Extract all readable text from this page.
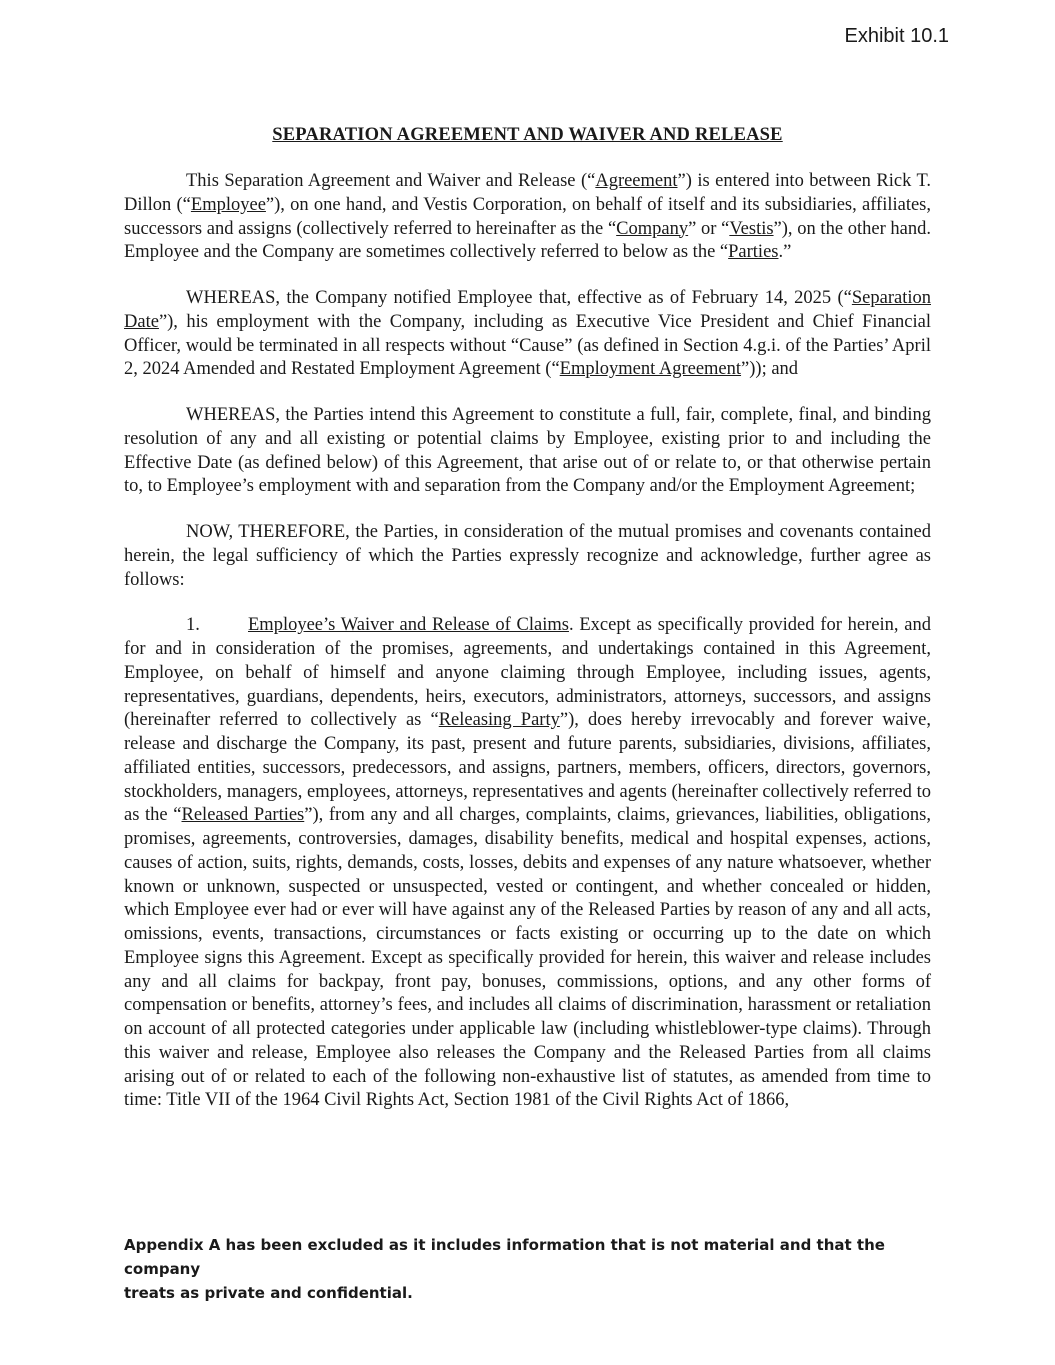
Exhibit 10.1
SEPARATION AGREEMENT AND WAIVER AND RELEASE

This Separation Agreement and Waiver and Release (“Agreement”) is entered into between Rick T. Dillon (“Employee”), on one hand, and Vestis Corporation, on behalf of itself and its subsidiaries, affiliates, successors and assigns (collectively referred to hereinafter as the “Company” or “Vestis”), on the other hand. Employee and the Company are sometimes collectively referred to below as the “Parties.”

WHEREAS, the Company notified Employee that, effective as of February 14, 2025 (“Separation Date”), his employment with the Company, including as Executive Vice President and Chief Financial Officer, would be terminated in all respects without “Cause” (as defined in Section 4.g.i. of the Parties’ April 2, 2024 Amended and Restated Employment Agreement (“Employment Agreement”)); and

WHEREAS, the Parties intend this Agreement to constitute a full, fair, complete, final, and binding resolution of any and all existing or potential claims by Employee, existing prior to and including the Effective Date (as defined below) of this Agreement, that arise out of or relate to, or that otherwise pertain to, to Employee’s employment with and separation from the Company and/or the Employment Agreement;

NOW, THEREFORE, the Parties, in consideration of the mutual promises and covenants contained herein, the legal sufficiency of which the Parties expressly recognize and acknowledge, further agree as follows:

1.	Employee’s Waiver and Release of Claims. Except as specifically provided for herein, and for and in consideration of the promises, agreements, and undertakings contained in this Agreement, Employee, on behalf of himself and anyone claiming through Employee, including issues, agents, representatives, guardians, dependents, heirs, executors, administrators, attorneys, successors, and assigns (hereinafter referred to collectively as “Releasing Party”), does hereby irrevocably and forever waive, release and discharge the Company, its past, present and future parents, subsidiaries, divisions, affiliates, affiliated entities, successors, predecessors, and assigns, partners, members, officers, directors, governors, stockholders, managers, employees, attorneys, representatives and agents (hereinafter collectively referred to as the “Released Parties”), from any and all charges, complaints, claims, grievances, liabilities, obligations, promises, agreements, controversies, damages, disability benefits, medical and hospital expenses, actions, causes of action, suits, rights, demands, costs, losses, debits and expenses of any nature whatsoever, whether known or unknown, suspected or unsuspected, vested or contingent, and whether concealed or hidden, which Employee ever had or ever will have against any of the Released Parties by reason of any and all acts, omissions, events, transactions, circumstances or facts existing or occurring up to the date on which Employee signs this Agreement. Except as specifically provided for herein, this waiver and release includes any and all claims for backpay, front pay, bonuses, commissions, options, and any other forms of compensation or benefits, attorney’s fees, and includes all claims of discrimination, harassment or retaliation on account of all protected categories under applicable law (including whistleblower-type claims). Through this waiver and release, Employee also releases the Company and the Released Parties from all claims arising out of or related to each of the following non-exhaustive list of statutes, as amended from time to time: Title VII of the 1964 Civil Rights Act, Section 1981 of the Civil Rights Act of 1866,

Appendix A has been excluded as it includes information that is not material and that the company
treats as private and confidential.
